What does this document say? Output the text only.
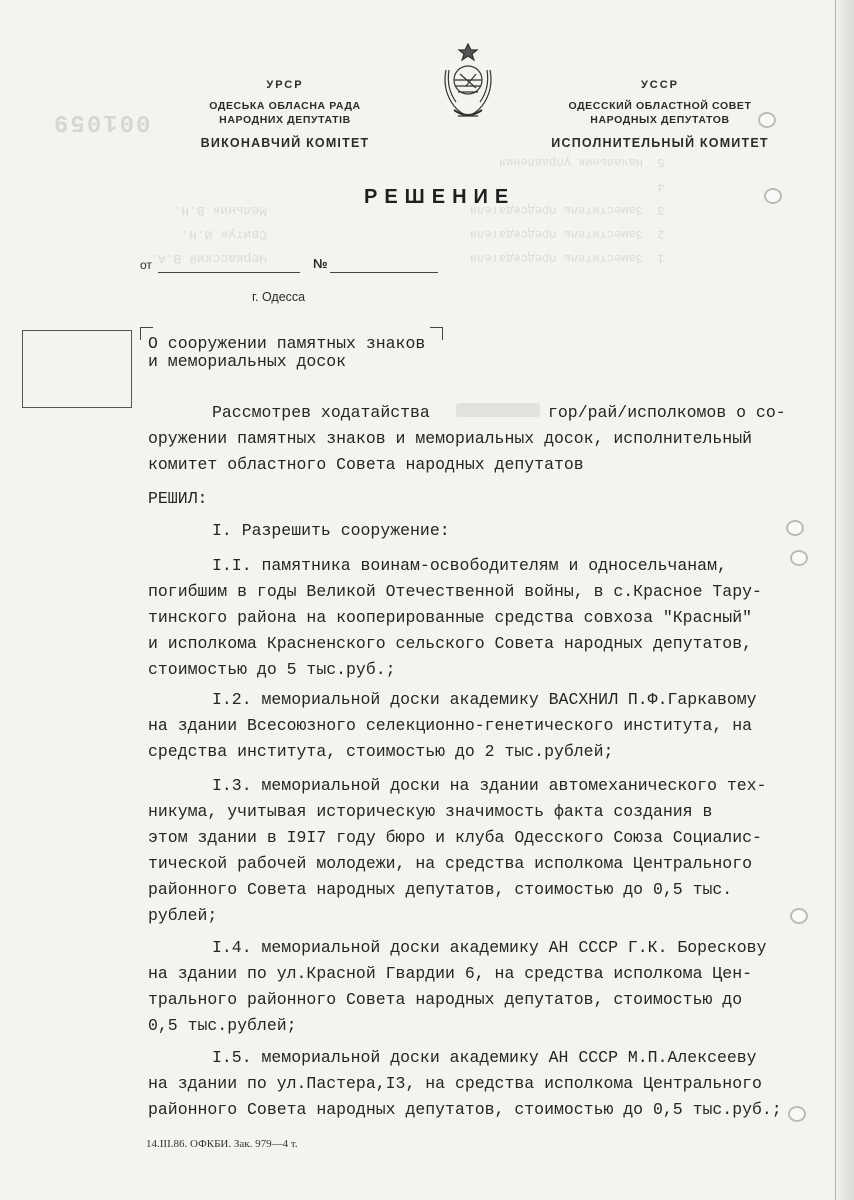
001059
1. Заместитель председателя
2. Заместитель председателя
3. Заместитель председателя
4.
5. Начальник управления
Черкасский В.А.
Свитук И.Н.
Мельник В.Н.
УРСР
ОДЕСЬКА ОБЛАСНА РАДА
НАРОДНИХ ДЕПУТАТІВ
ВИКОНАВЧИЙ КОМІТЕТ
УССР
ОДЕССКИЙ ОБЛАСТНОЙ СОВЕТ
НАРОДНЫХ ДЕПУТАТОВ
ИСПОЛНИТЕЛЬНЫЙ КОМИТЕТ
РЕШЕНИЕ
от	№
г. Одесса
О сооружении памятных знаков
и мемориальных досок
Рассмотрев ходатайства	гор/рай/исполкомов о со-
оружении памятных знаков и мемориальных досок, исполнительный
комитет областного Совета народных депутатов
РЕШИЛ:
I. Разрешить сооружение:
I.I. памятника воинам-освободителям и односельчанам,
погибшим в годы Великой Отечественной войны, в с.Красное Тару-
тинского района на кооперированные средства совхоза "Красный"
и исполкома Красненского сельского Совета народных депутатов,
стоимостью до 5 тыс.руб.;
I.2. мемориальной доски академику ВАСХНИЛ П.Ф.Гаркавому
на здании Всесоюзного селекционно-генетического института, на
средства института, стоимостью до 2 тыс.рублей;
I.3. мемориальной доски на здании автомеханического тех-
никума, учитывая историческую значимость факта создания в
этом здании в I9I7 году бюро и клуба Одесского Союза Социалис-
тической рабочей молодежи, на средства исполкома Центрального
районного Совета народных депутатов, стоимостью до 0,5 тыс.
рублей;
I.4. мемориальной доски академику АН СССР Г.К. Борескову
на здании по ул.Красной Гвардии 6, на средства исполкома Цен-
трального районного Совета народных депутатов, стоимостью до
0,5 тыс.рублей;
I.5. мемориальной доски академику АН СССР М.П.Алексееву
на здании по ул.Пастера,I3, на средства исполкома Центрального
районного Совета народных депутатов, стоимостью до 0,5 тыс.руб.;
14.III.86. ОФКБИ. Зак. 979—4 т.
